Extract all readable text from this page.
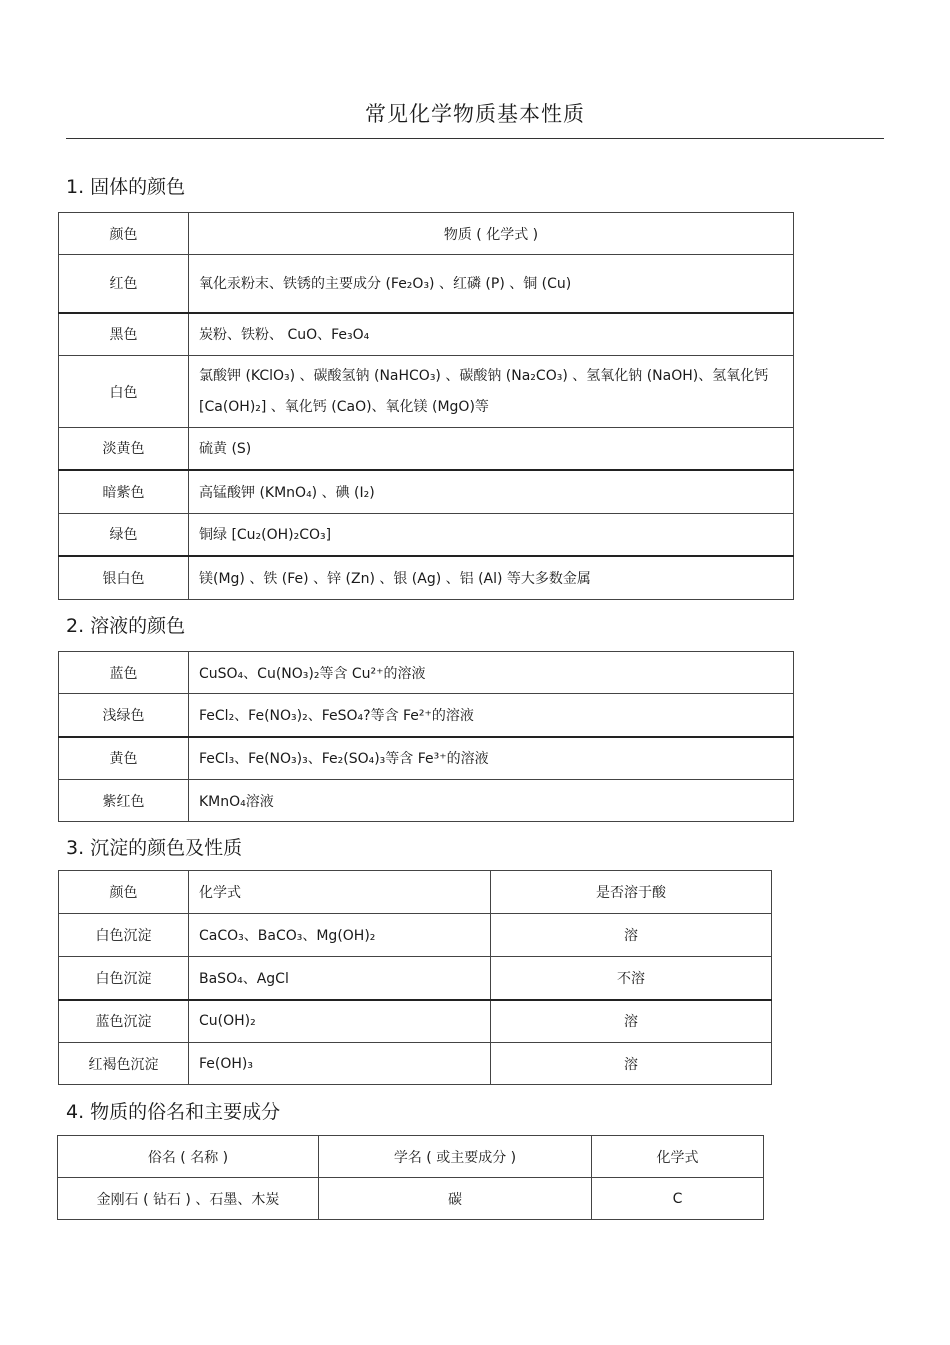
常见化学物质基本性质
1. 固体的颜色
颜色	物质 ( 化学式 )
红色	氧化汞粉末、铁锈的主要成分 (Fe₂O₃) 、红磷 (P) 、铜 (Cu)
黑色	炭粉、铁粉、 CuO、Fe₃O₄
白色	氯酸钾 (KClO₃) 、碳酸氢钠 (NaHCO₃) 、碳酸钠 (Na₂CO₃) 、氢氧化钠 (NaOH)、氢氧化钙[Ca(OH)₂] 、氧化钙 (CaO)、氧化镁 (MgO)等
淡黄色	硫黄 (S)
暗紫色	高锰酸钾 (KMnO₄) 、碘 (I₂)
绿色	铜绿 [Cu₂(OH)₂CO₃]
银白色	镁(Mg) 、铁 (Fe) 、锌 (Zn) 、银 (Ag) 、铝 (Al) 等大多数金属
2. 溶液的颜色
蓝色	CuSO₄、Cu(NO₃)₂等含 Cu²⁺的溶液
浅绿色	FeCl₂、Fe(NO₃)₂、FeSO₄?等含 Fe²⁺的溶液
黄色	FeCl₃、Fe(NO₃)₃、Fe₂(SO₄)₃等含 Fe³⁺的溶液
紫红色	KMnO₄溶液
3. 沉淀的颜色及性质
颜色	化学式	是否溶于酸
白色沉淀	CaCO₃、BaCO₃、Mg(OH)₂	溶
白色沉淀	BaSO₄、AgCl	不溶
蓝色沉淀	Cu(OH)₂	溶
红褐色沉淀	Fe(OH)₃	溶
4. 物质的俗名和主要成分
俗名 ( 名称 )	学名 ( 或主要成分 )	化学式
金刚石 ( 钻石 ) 、石墨、木炭	碳	C
